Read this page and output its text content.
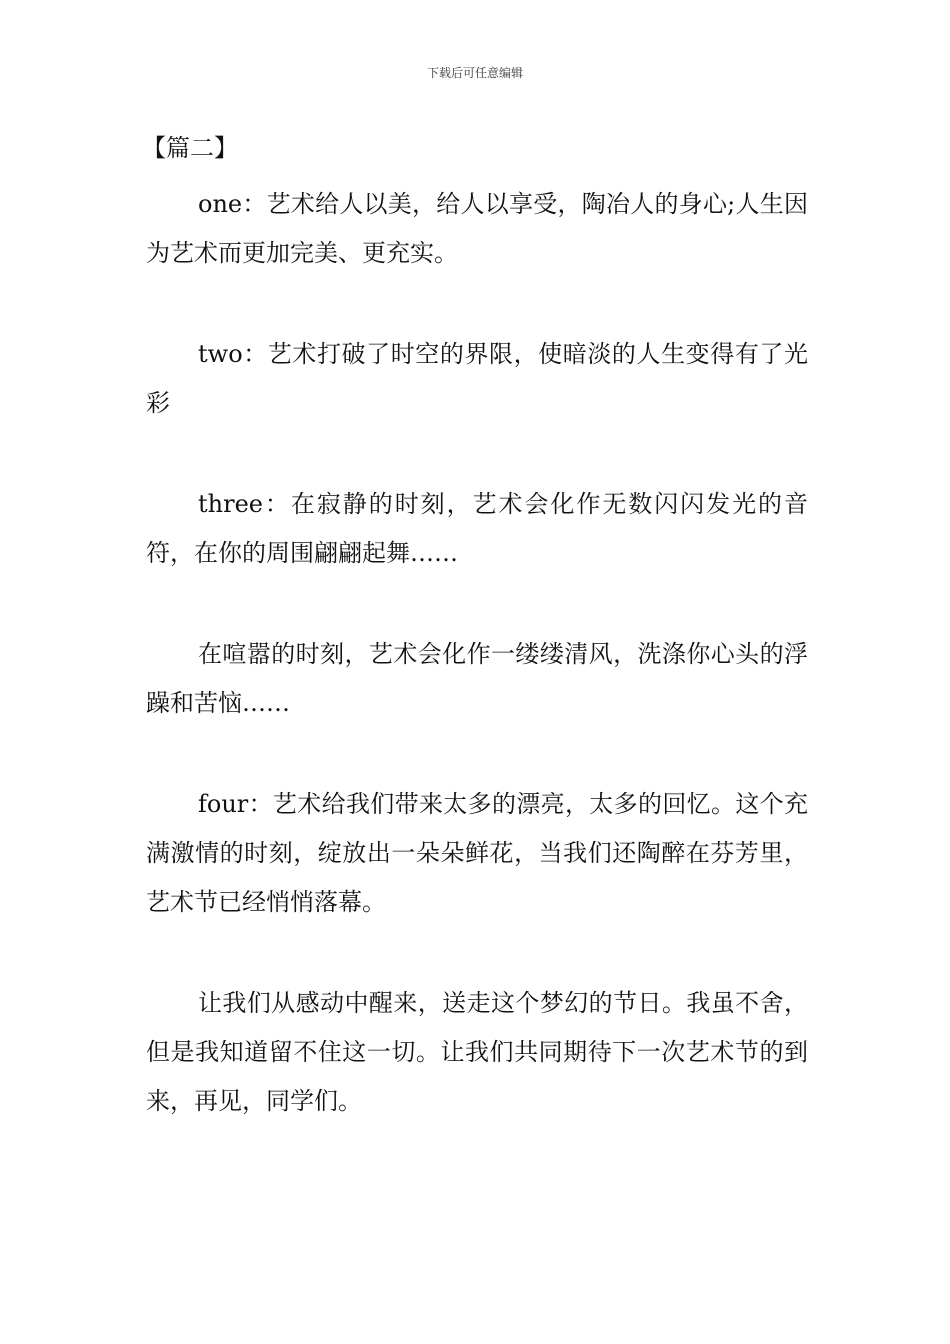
下载后可任意编辑
【篇二】

one：艺术给人以美，给人以享受，陶冶人的身心;人生因为艺术而更加完美、更充实。

two：艺术打破了时空的界限，使暗淡的人生变得有了光彩

three：在寂静的时刻，艺术会化作无数闪闪发光的音符，在你的周围翩翩起舞……

在喧嚣的时刻，艺术会化作一缕缕清风，洗涤你心头的浮躁和苦恼……

four：艺术给我们带来太多的漂亮，太多的回忆。这个充满激情的时刻，绽放出一朵朵鲜花，当我们还陶醉在芬芳里，艺术节已经悄悄落幕。

让我们从感动中醒来，送走这个梦幻的节日。我虽不舍，但是我知道留不住这一切。让我们共同期待下一次艺术节的到来，再见，同学们。
